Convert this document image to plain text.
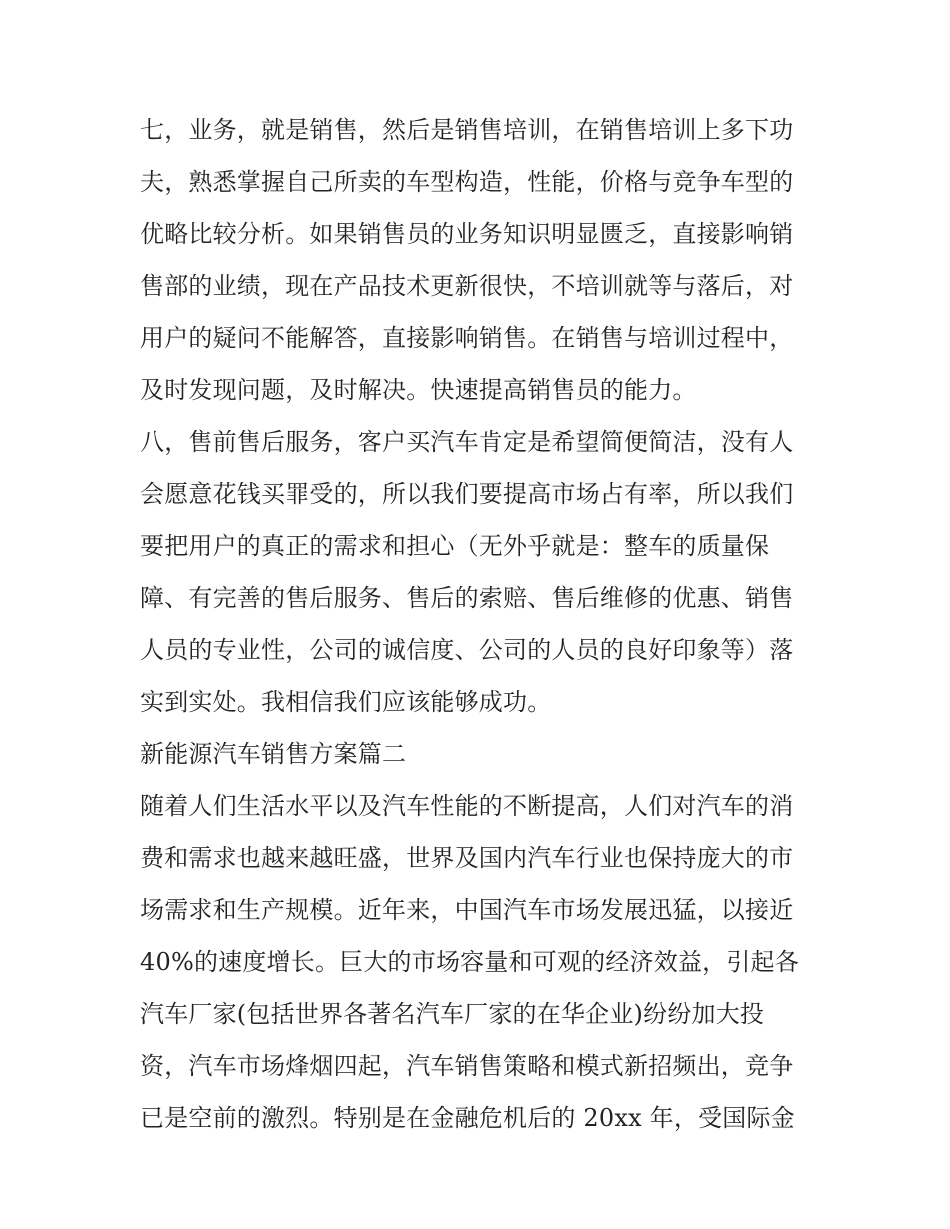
七，业务，就是销售，然后是销售培训，在销售培训上多下功
夫，熟悉掌握自己所卖的车型构造，性能，价格与竞争车型的
优略比较分析。如果销售员的业务知识明显匮乏，直接影响销
售部的业绩，现在产品技术更新很快，不培训就等与落后，对
用户的疑问不能解答，直接影响销售。在销售与培训过程中，
及时发现问题，及时解决。快速提高销售员的能力。
八，售前售后服务，客户买汽车肯定是希望简便简洁，没有人
会愿意花钱买罪受的，所以我们要提高市场占有率，所以我们
要把用户的真正的需求和担心（无外乎就是：整车的质量保
障、有完善的售后服务、售后的索赔、售后维修的优惠、销售
人员的专业性，公司的诚信度、公司的人员的良好印象等）落
实到实处。我相信我们应该能够成功。
新能源汽车销售方案篇二
随着人们生活水平以及汽车性能的不断提高，人们对汽车的消
费和需求也越来越旺盛，世界及国内汽车行业也保持庞大的市
场需求和生产规模。近年来，中国汽车市场发展迅猛，以接近
40%的速度增长。巨大的市场容量和可观的经济效益，引起各
汽车厂家(包括世界各著名汽车厂家的在华企业)纷纷加大投
资，汽车市场烽烟四起，汽车销售策略和模式新招频出，竞争
已是空前的激烈。特别是在金融危机后的 20xx 年，受国际金
